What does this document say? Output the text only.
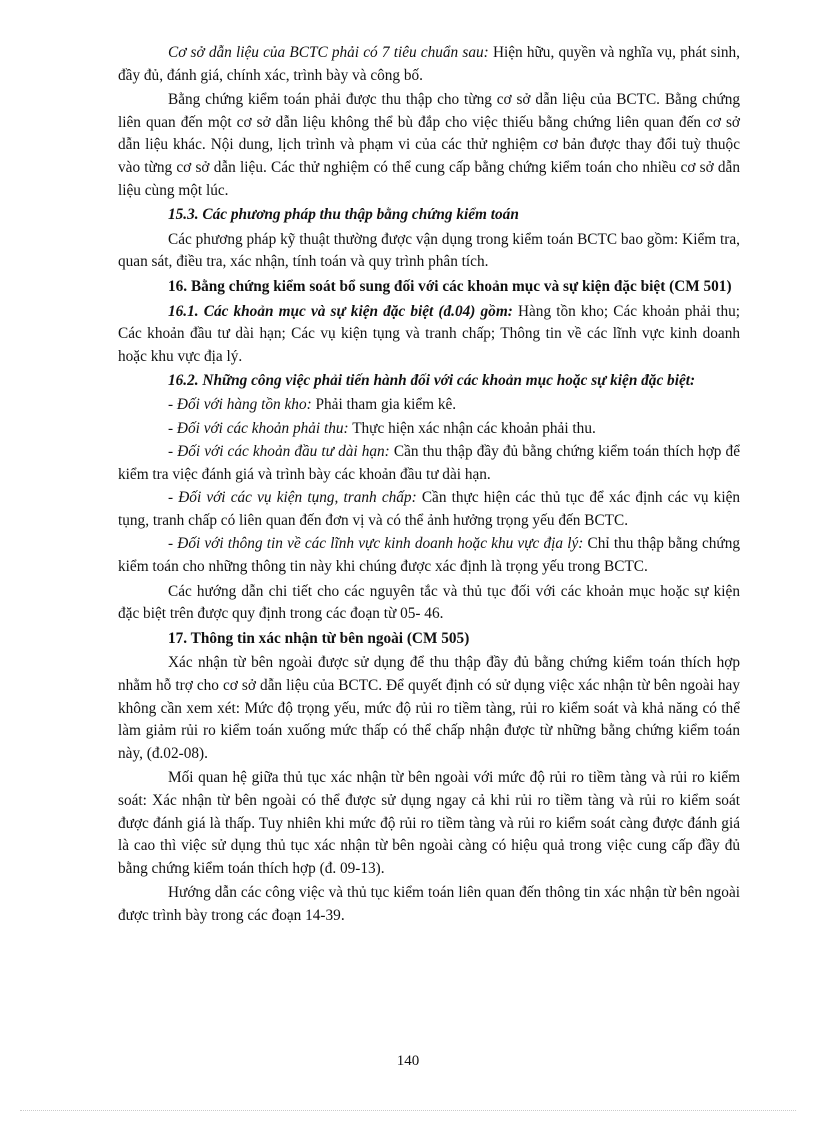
Cơ sở dẫn liệu của BCTC phải có 7 tiêu chuẩn sau: Hiện hữu, quyền và nghĩa vụ, phát sinh, đầy đủ, đánh giá, chính xác, trình bày và công bố.

Bằng chứng kiểm toán phải được thu thập cho từng cơ sở dẫn liệu của BCTC. Bằng chứng liên quan đến một cơ sở dẫn liệu không thể bù đắp cho việc thiếu bằng chứng liên quan đến cơ sở dẫn liệu khác. Nội dung, lịch trình và phạm vi của các thử nghiệm cơ bản được thay đổi tuỳ thuộc vào từng cơ sở dẫn liệu. Các thử nghiệm có thể cung cấp bằng chứng kiểm toán cho nhiều cơ sở dẫn liệu cùng một lúc.

15.3. Các phương pháp thu thập bằng chứng kiểm toán

Các phương pháp kỹ thuật thường được vận dụng trong kiểm toán BCTC bao gồm: Kiểm tra, quan sát, điều tra, xác nhận, tính toán và quy trình phân tích.

16. Bằng chứng kiểm soát bổ sung đối với các khoản mục và sự kiện đặc biệt (CM 501)

16.1. Các khoản mục và sự kiện đặc biệt (đ.04) gồm: Hàng tồn kho; Các khoản phải thu; Các khoản đầu tư dài hạn; Các vụ kiện tụng và tranh chấp; Thông tin về các lĩnh vực kinh doanh hoặc khu vực địa lý.

16.2. Những công việc phải tiến hành đối với các khoản mục hoặc sự kiện đặc biệt:

- Đối với hàng tồn kho: Phải tham gia kiểm kê.

- Đối với các khoản phải thu: Thực hiện xác nhận các khoản phải thu.

- Đối với các khoản đầu tư dài hạn: Cần thu thập đầy đủ bằng chứng kiểm toán thích hợp để kiểm tra việc đánh giá và trình bày các khoản đầu tư dài hạn.

- Đối với các vụ kiện tụng, tranh chấp: Cần thực hiện các thủ tục để xác định các vụ kiện tụng, tranh chấp có liên quan đến đơn vị và có thể ảnh hưởng trọng yếu đến BCTC.

- Đối với thông tin về các lĩnh vực kinh doanh hoặc khu vực địa lý: Chỉ thu thập bằng chứng kiểm toán cho những thông tin này khi chúng được xác định là trọng yếu trong BCTC.

Các hướng dẫn chi tiết cho các nguyên tắc và thủ tục đối với các khoản mục hoặc sự kiện đặc biệt trên được quy định trong các đoạn từ 05- 46.

17. Thông tin xác nhận từ bên ngoài (CM 505)

Xác nhận từ bên ngoài được sử dụng để thu thập đầy đủ bằng chứng kiểm toán thích hợp nhằm hỗ trợ cho cơ sở dẫn liệu của BCTC. Để quyết định có sử dụng việc xác nhận từ bên ngoài hay không cần xem xét: Mức độ trọng yếu, mức độ rủi ro tiềm tàng, rủi ro kiểm soát và khả năng có thể làm giảm rủi ro kiểm toán xuống mức thấp có thể chấp nhận được từ những bằng chứng kiểm toán này, (đ.02-08).

Mối quan hệ giữa thủ tục xác nhận từ bên ngoài với mức độ rủi ro tiềm tàng và rủi ro kiểm soát: Xác nhận từ bên ngoài có thể được sử dụng ngay cả khi rủi ro tiềm tàng và rủi ro kiểm soát được đánh giá là thấp. Tuy nhiên khi mức độ rủi ro tiềm tàng và rủi ro kiểm soát càng được đánh giá là cao thì việc sử dụng thủ tục xác nhận từ bên ngoài càng có hiệu quả trong việc cung cấp đầy đủ bằng chứng kiểm toán thích hợp (đ. 09-13).

Hướng dẫn các công việc và thủ tục kiểm toán liên quan đến thông tin xác nhận từ bên ngoài được trình bày trong các đoạn 14-39.

140
